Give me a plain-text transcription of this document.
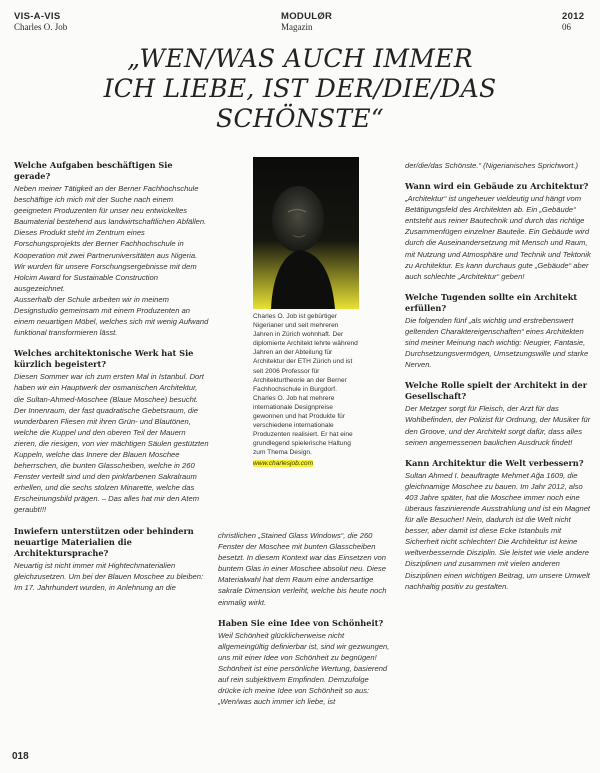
VIS-A-VIS
Charles O. Job
MODULØR
Magazin
2012
06
„WEN/WAS AUCH IMMER
ICH LIEBE, IST DER/DIE/DAS
SCHÖNSTE“
Welche Aufgaben beschäftigen Sie gerade?

Neben meiner Tätigkeit an der Berner Fachhochschule beschäftige ich mich mit der Suche nach einem geeigneten Produzenten für unser neu entwickeltes Baumaterial bestehend aus landwirtschaftlichen Abfällen. Dieses Produkt steht im Zentrum eines Forschungsprojekts der Berner Fachhochschule in Kooperation mit zwei Partneruniversitäten aus Nigeria. Wir wurden für unsere Forschungsergebnisse mit dem Holcim Award for Sustainable Construction ausgezeichnet.

Ausserhalb der Schule arbeiten wir in meinem Designstudio gemeinsam mit einem Produzenten an einem neuartigen Möbel, welches sich mit wenig Aufwand funktional transformieren lässt.

Welches architektonische Werk hat Sie kürzlich begeistert?

Diesen Sommer war ich zum ersten Mal in Istanbul. Dort haben wir ein Hauptwerk der osmanischen Architektur, die Sultan-Ahmed-Moschee (Blaue Moschee) besucht. Der Innenraum, der fast quadratische Gebetsraum, die wunderbaren Fliesen mit ihren Grün- und Blautönen, welche die Kuppel und den oberen Teil der Mauern zieren, die riesigen, von vier mächtigen Säulen gestützten Kuppeln, welche das Innere der Blauen Moschee beherrschen, die bunten Glasscheiben, welche in 260 Fenster verteilt sind und den pinkfarbenen Sakralraum erhellen, und die sechs stolzen Minarette, welche das Erscheinungsbild prägen. – Das alles hat mir den Atem geraubt!!!

Inwiefern unterstützen oder behindern neuartige Materialien die Architektursprache?

Neuartig ist nicht immer mit Hightechmaterialien gleichzusetzen. Um bei der Blauen Moschee zu bleiben: Im 17. Jahrhundert wurden, in Anlehnung an die

Charles O. Job ist gebürtiger Nigerianer und seit mehreren Jahren in Zürich wohnhaft. Der diplomierte Architekt lehrte während Jahren an der Abteilung für Architektur der ETH Zürich und ist seit 2006 Professor für Architekturtheorie an der Berner Fachhochschule in Burgdorf. Charles O. Job hat mehrere internationale Designpreise gewonnen und hat Produkte für verschiedene internationale Produzenten realisiert. Er hat eine grundlegend spielerische Haltung zum Thema Design.
www.charlesjob.com

christlichen „Stained Glass Windows“, die 260 Fenster der Moschee mit bunten Glasscheiben besetzt. In diesem Kontext war das Einsetzen von buntem Glas in einer Moschee absolut neu. Diese Materialwahl hat dem Raum eine andersartige sakrale Dimension verleiht, welche bis heute noch einmalig wirkt.

Haben Sie eine Idee von Schönheit?

Weil Schönheit glücklicherweise nicht allgemeingültig definierbar ist, sind wir gezwungen, uns mit einer Idee von Schönheit zu begnügen! Schönheit ist eine persönliche Wertung, basierend auf rein subjektivem Empfinden. Demzufolge drücke ich meine Idee von Schönheit so aus: „Wen/was auch immer ich liebe, ist

der/die/das Schönste.“ (Nigerianisches Sprichwort.)

Wann wird ein Gebäude zu Architektur?

„Architektur“ ist ungeheuer vieldeutig und hängt vom Betätigungsfeld des Architekten ab. Ein „Gebäude“ entsteht aus reiner Bautechnik und durch das richtige Zusammenfügen einzelner Bauteile. Ein Gebäude wird durch die Auseinandersetzung mit Mensch und Raum, mit Nutzung und Atmosphäre und Technik und Tektonik zu Architektur. Es kann durchaus gute „Gebäude“ aber auch schlechte „Architektur“ geben!

Welche Tugenden sollte ein Architekt erfüllen?

Die folgenden fünf „als wichtig und erstrebenswert geltenden Charaktereigenschaften“ eines Architekten sind meiner Meinung nach wichtig: Neugier, Fantasie, Durchsetzungsvermögen, Umsetzungswille und starke Nerven.

Welche Rolle spielt der Architekt in der Gesellschaft?

Der Metzger sorgt für Fleisch, der Arzt für das Wohlbefinden, der Polizist für Ordnung, der Musiker für den Groove, und der Architekt sorgt dafür, dass alles seinen angemessenen baulichen Ausdruck findet!

Kann Architektur die Welt verbessern?

Sultan Ahmed I. beauftragte Mehmet Ağa 1609, die gleichnamige Moschee zu bauen. Im Jahr 2012, also 403 Jahre später, hat die Moschee immer noch eine überaus faszinierende Ausstrahlung und ist ein Magnet für alle Besucher! Nein, dadurch ist die Welt nicht besser, aber damit ist diese Ecke Istanbuls mit Sicherheit nicht schlechter! Die Architektur ist keine weltverbessernde Disziplin. Sie leistet wie viele andere Disziplinen und zusammen mit vielen anderen Disziplinen einen wichtigen Beitrag, um unsere Umwelt nachhaltig positiv zu gestalten.

018
